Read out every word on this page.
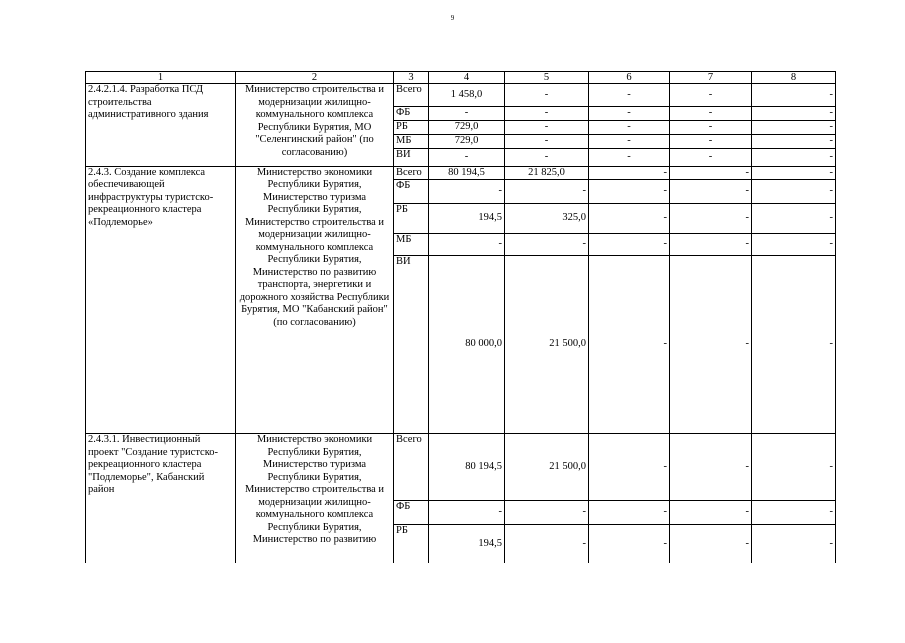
9
1	2	3	4	5	6	7	8
2.4.2.1.4. Разработка ПСД строительства административного здания	Министерство строительства и модернизации жилищно-коммунального комплекса Республики Бурятия, МО "Селенгинский район" (по согласованию)	Всего	1 458,0	-	-	-	-
		ФБ	-	-	-	-	-
		РБ	729,0	-	-	-	-
		МБ	729,0	-	-	-	-
		ВИ	-	-	-	-	-
2.4.3. Создание комплекса обеспечивающей инфраструктуры туристско-рекреационного кластера «Подлеморье»	Министерство экономики Республики Бурятия, Министерство туризма Республики Бурятия, Министерство строительства и модернизации жилищно-коммунального комплекса Республики Бурятия, Министерство по развитию транспорта, энергетики и дорожного хозяйства Республики Бурятия, МО "Кабанский район" (по согласованию)	Всего	80 194,5	21 825,0	-	-	-
		ФБ	-	-	-	-	-
		РБ	194,5	325,0	-	-	-
		МБ	-	-	-	-	-
		ВИ	80 000,0	21 500,0	-	-	-
2.4.3.1. Инвестиционный проект "Создание туристско-рекреационного кластера "Подлеморье", Кабанский район	Министерство экономики Республики Бурятия, Министерство туризма Республики Бурятия, Министерство строительства и модернизации жилищно-коммунального комплекса Республики Бурятия, Министерство по развитию	Всего	80 194,5	21 500,0	-	-	-
		ФБ	-	-	-	-	-
		РБ	194,5	-	-	-	-
